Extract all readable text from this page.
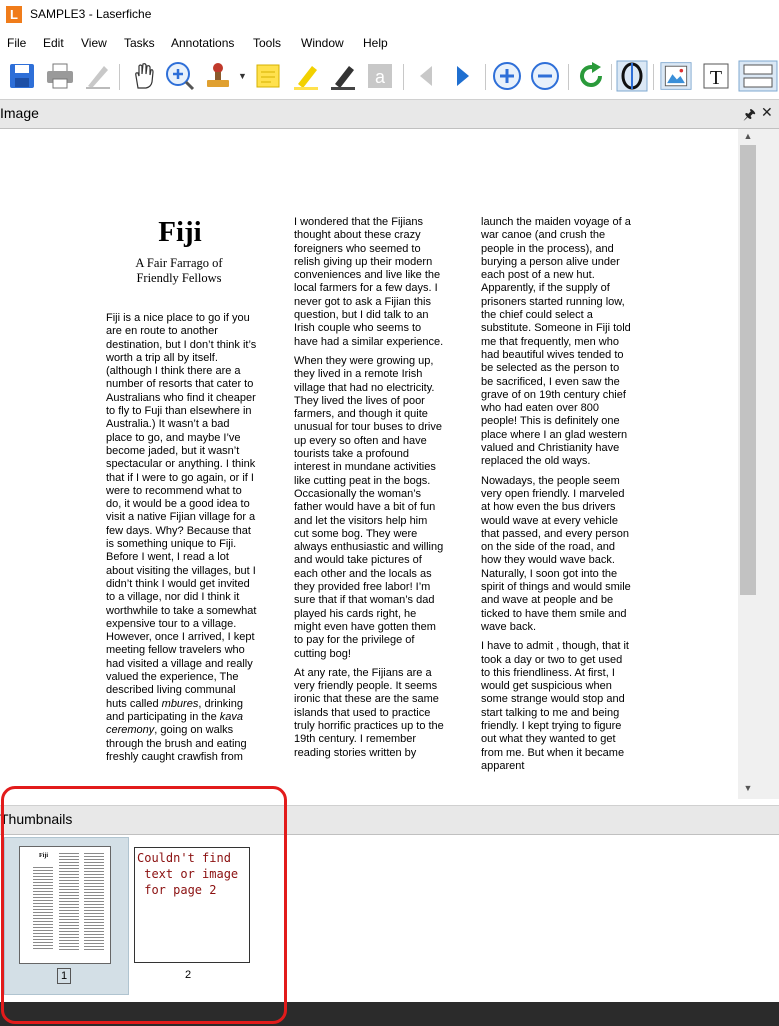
L	SAMPLE3 - Laserfiche
File Edit View Tasks Annotations Tools Window Help
▼	a	T
Image	🖈 ✕
Fiji
A Fair Farrago of
Friendly Fellows

Fiji is a nice place to go if you are en route to another destination, but I don’t think it’s worth a trip all by itself. (although I think there are a number of resorts that cater to Australians who find it cheaper to fly to Fuji than elsewhere in Australia.) It wasn’t a bad place to go, and maybe I’ve become jaded, but it wasn’t spectacular or anything. I think that if I were to go again, or if I were to recommend what to do, it would be a good idea to visit a native Fijian village for a few days. Why? Because that is something unique to Fiji. Before I went, I read a lot about visiting the villages, but I didn’t think I would get invited to a village, nor did I think it worthwhile to take a somewhat expensive tour to a village. However, once I arrived, I kept meeting fellow travelers who had visited a village and really valued the experience, The described living communal huts called mbures, drinking and participating in the kava ceremony, going on walks through the brush and eating freshly caught crawfish from

I wondered that the Fijians thought about these crazy foreigners who seemed to relish giving up their modern conveniences and live like the local farmers for a few days. I never got to ask a Fijian this question, but I did talk to an Irish couple who seems to have had a similar experience.

When they were growing up, they lived in a remote Irish village that had no electricity. They lived the lives of poor farmers, and though it quite unusual for tour buses to drive up every so often and have tourists take a profound interest in mundane activities like cutting peat in the bogs. Occasionally the woman’s father would have a bit of fun and let the visitors help him cut some bog. They were always enthusiastic and willing and would take pictures of each other and the locals as they provided free labor! I’m sure that if that woman’s dad played his cards right, he might even have gotten them to pay for the privilege of cutting bog!

At any rate, the Fijians are a very friendly people. It seems ironic that these are the same islands that used to practice truly horrific practices up to the 19th century. I remember reading stories written by

launch the maiden voyage of a war canoe (and crush the people in the process), and burying a person alive under each post of a new hut. Apparently, if the supply of prisoners started running low, the chief could select a substitute. Someone in Fiji told me that frequently, men who had beautiful wives tended to be selected as the person to be sacrificed, I even saw the grave of on 19th century chief who had eaten over 800 people! This is definitely one place where I an glad western valued and Christianity have replaced the old ways.

Nowadays, the people seem very open friendly. I marveled at how even the bus drivers would wave at every vehicle that passed, and every person on the side of the road, and how they would wave back. Naturally, I soon got into the spirit of things and would smile and wave at people and be ticked to have them smile and wave back.

I have to admit , though, that it took a day or two to get used to this friendliness. At first, I would get suspicious when some strange would stop and start talking to me and being friendly. I kept trying to figure out what they wanted to get from me. But when it became apparent

▲
▼
Thumbnails
Fiji
1
Couldn't find
text or image
for page 2
2
